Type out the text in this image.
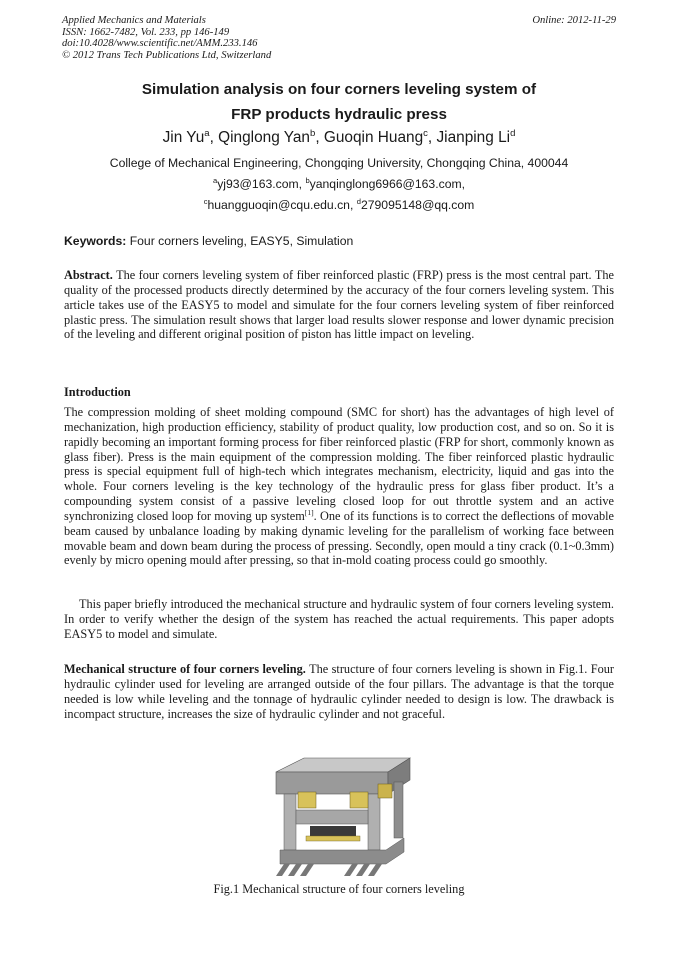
Applied Mechanics and Materials
ISSN: 1662-7482, Vol. 233, pp 146-149
doi:10.4028/www.scientific.net/AMM.233.146
© 2012 Trans Tech Publications Ltd, Switzerland
Online: 2012-11-29
Simulation analysis on four corners leveling system of
FRP products hydraulic press
Jin Yu$^a$, Qinglong Yan$^b$, Guoqin Huang$^c$, Jianping Li$^d$
College of Mechanical Engineering, Chongqing University, Chongqing China, 400044
$^a$yj93@163.com, $^b$yanqinglong6966@163.com,
$^c$huangguoqin@cqu.edu.cn, $^d$279095148@qq.com
Keywords: Four corners leveling, EASY5, Simulation
Abstract. The four corners leveling system of fiber reinforced plastic (FRP) press is the most central part. The quality of the processed products directly determined by the accuracy of the four corners leveling system. This article takes use of the EASY5 to model and simulate for the four corners leveling system of fiber reinforced plastic press. The simulation result shows that larger load results slower response and lower dynamic precision of the leveling and different original position of piston has little impact on leveling.
Introduction
The compression molding of sheet molding compound (SMC for short) has the advantages of high level of mechanization, high production efficiency, stability of product quality, low production cost, and so on. So it is rapidly becoming an important forming process for fiber reinforced plastic (FRP for short, commonly known as glass fiber). Press is the main equipment of the compression molding. The fiber reinforced plastic hydraulic press is special equipment full of high-tech which integrates mechanism, electricity, liquid and gas into the whole. Four corners leveling is the key technology of the hydraulic press for glass fiber product. It’s a compounding system consist of a passive leveling closed loop for out throttle system and an active synchronizing closed loop for moving up system[1]. One of its functions is to correct the deflections of movable beam caused by unbalance loading by making dynamic leveling for the parallelism of working face between movable beam and down beam during the process of pressing. Secondly, open mould a tiny crack (0.1~0.3mm) evenly by micro opening mould after pressing, so that in-mold coating process could go smoothly.
This paper briefly introduced the mechanical structure and hydraulic system of four corners leveling system. In order to verify whether the design of the system has reached the actual requirements. This paper adopts EASY5 to model and simulate.
Mechanical structure of four corners leveling. The structure of four corners leveling is shown in Fig.1. Four hydraulic cylinder used for leveling are arranged outside of the four pillars. The advantage is that the torque needed is low while leveling and the tonnage of hydraulic cylinder needed to design is low. The drawback is incompact structure, increases the size of hydraulic cylinder and not graceful.
Fig.1 Mechanical structure of four corners leveling
